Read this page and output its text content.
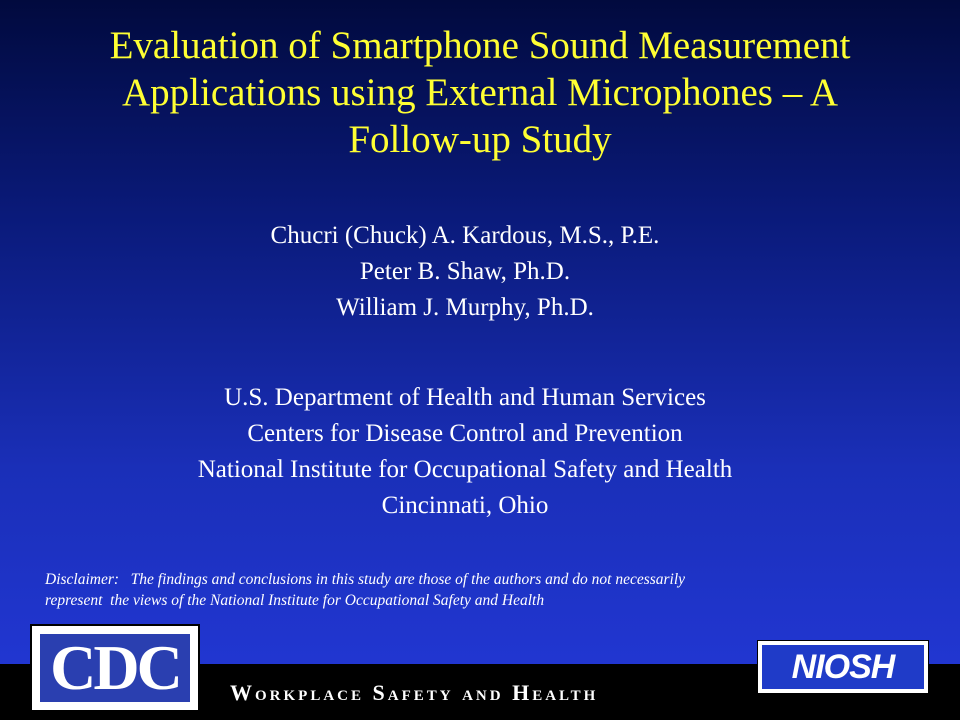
Evaluation of Smartphone Sound Measurement
Applications using External Microphones – A
Follow-up Study
Chucri (Chuck) A. Kardous, M.S., P.E.
Peter B. Shaw, Ph.D.
William J. Murphy, Ph.D.
U.S. Department of Health and Human Services
Centers for Disease Control and Prevention
National Institute for Occupational Safety and Health
Cincinnati, Ohio
Disclaimer:   The findings and conclusions in this study are those of the authors and do not necessarily
represent  the views of the National Institute for Occupational Safety and Health
Workplace Safety and Health
CDC	NIOSH
